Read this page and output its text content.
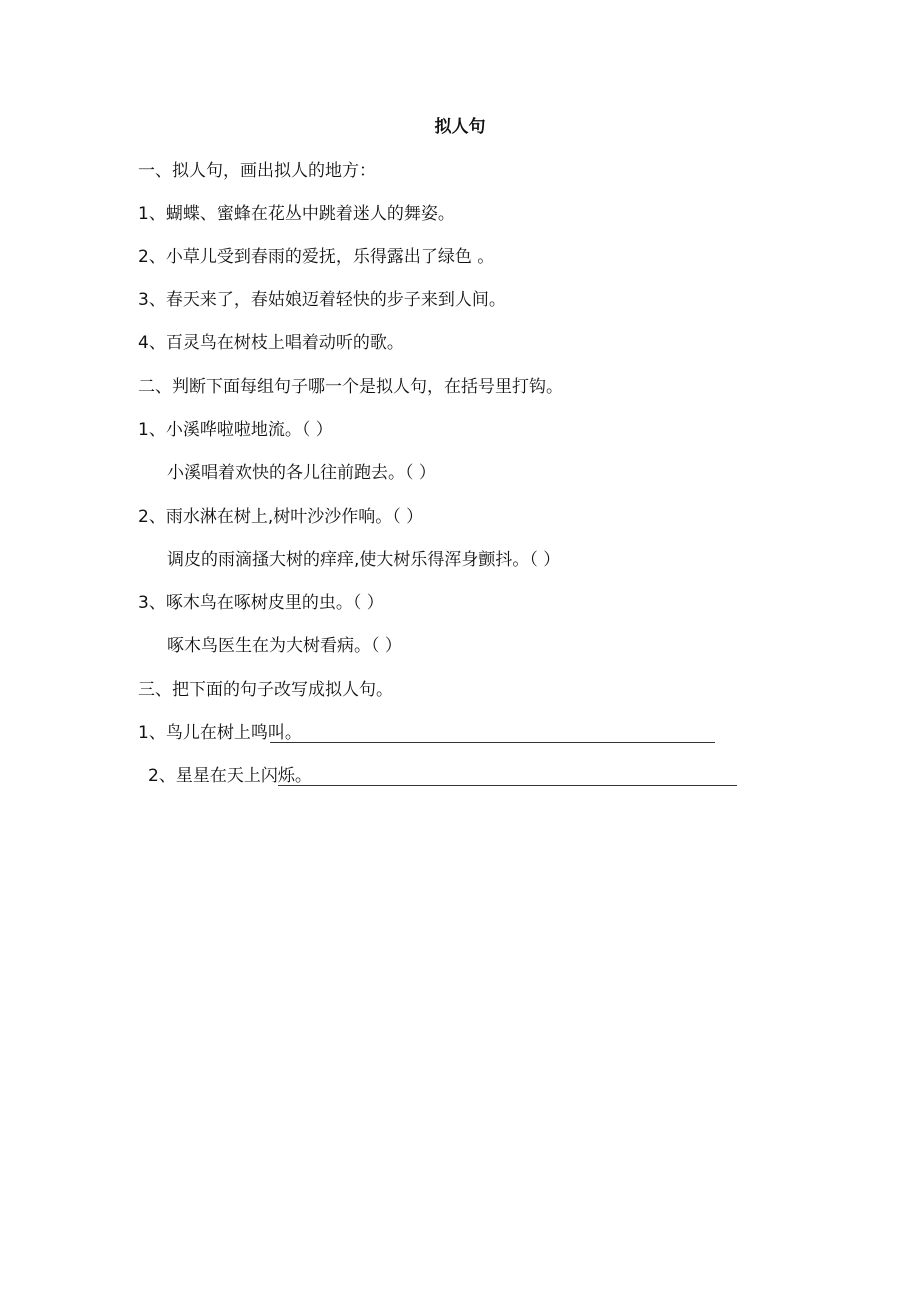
拟人句
一、拟人句，画出拟人的地方：
1、蝴蝶、蜜蜂在花丛中跳着迷人的舞姿。
2、小草儿受到春雨的爱抚，乐得露出了绿色 。
3、春天来了，春姑娘迈着轻快的步子来到人间。
4、百灵鸟在树枝上唱着动听的歌。
二、判断下面每组句子哪一个是拟人句，在括号里打钩。
1、小溪哗啦啦地流。（ ）
小溪唱着欢快的各儿往前跑去。（ ）
2、雨水淋在树上,树叶沙沙作响。（ ）
调皮的雨滴搔大树的痒痒,使大树乐得浑身颤抖。（ ）
3、啄木鸟在啄树皮里的虫。（ ）
啄木鸟医生在为大树看病。（ ）
三、把下面的句子改写成拟人句。
1、鸟儿在树上鸣叫。
2、星星在天上闪烁。
